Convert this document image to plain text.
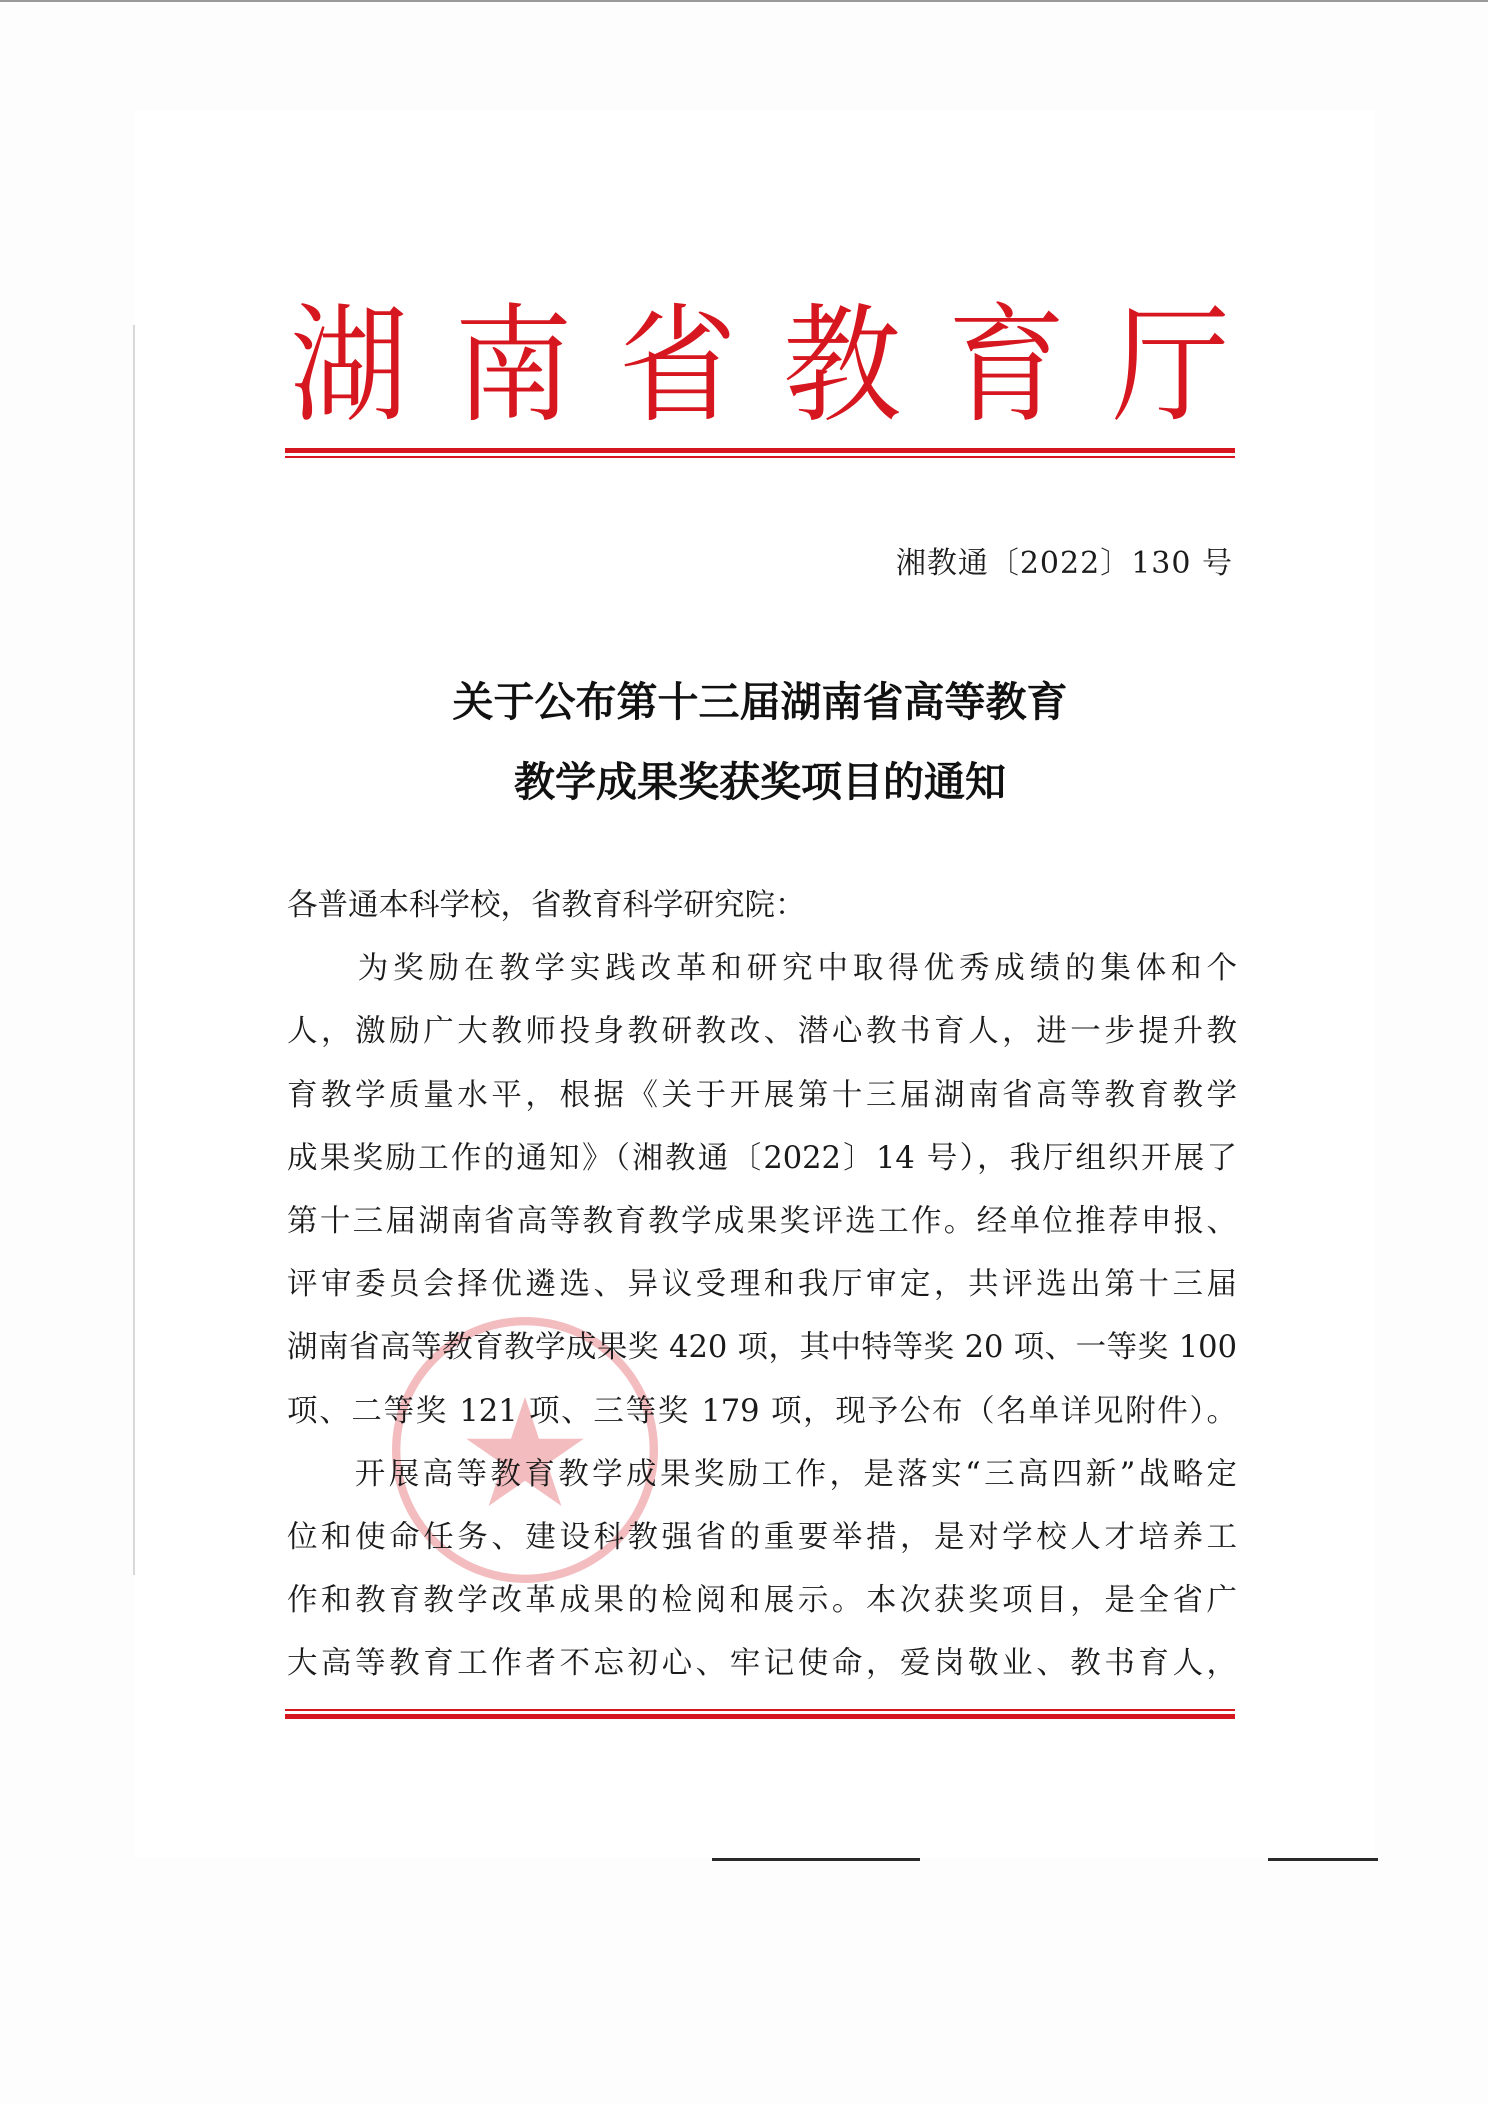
湖 南 省 教 育 厅
湘教通〔2022〕130 号
关于公布第十三届湖南省高等教育
教学成果奖获奖项目的通知
各普通本科学校，省教育科学研究院：
　　为奖励在教学实践改革和研究中取得优秀成绩的集体和个
人，激励广大教师投身教研教改、潜心教书育人，进一步提升教
育教学质量水平，根据《关于开展第十三届湖南省高等教育教学
成果奖励工作的通知》（湘教通〔2022〕14 号），我厅组织开展了
第十三届湖南省高等教育教学成果奖评选工作。经单位推荐申报、
评审委员会择优遴选、异议受理和我厅审定，共评选出第十三届
湖南省高等教育教学成果奖 420 项，其中特等奖 20 项、一等奖 100
项、二等奖 121 项、三等奖 179 项，现予公布（名单详见附件）。
　　开展高等教育教学成果奖励工作，是落实“三高四新”战略定
位和使命任务、建设科教强省的重要举措，是对学校人才培养工
作和教育教学改革成果的检阅和展示。本次获奖项目，是全省广
大高等教育工作者不忘初心、牢记使命，爱岗敬业、教书育人，
